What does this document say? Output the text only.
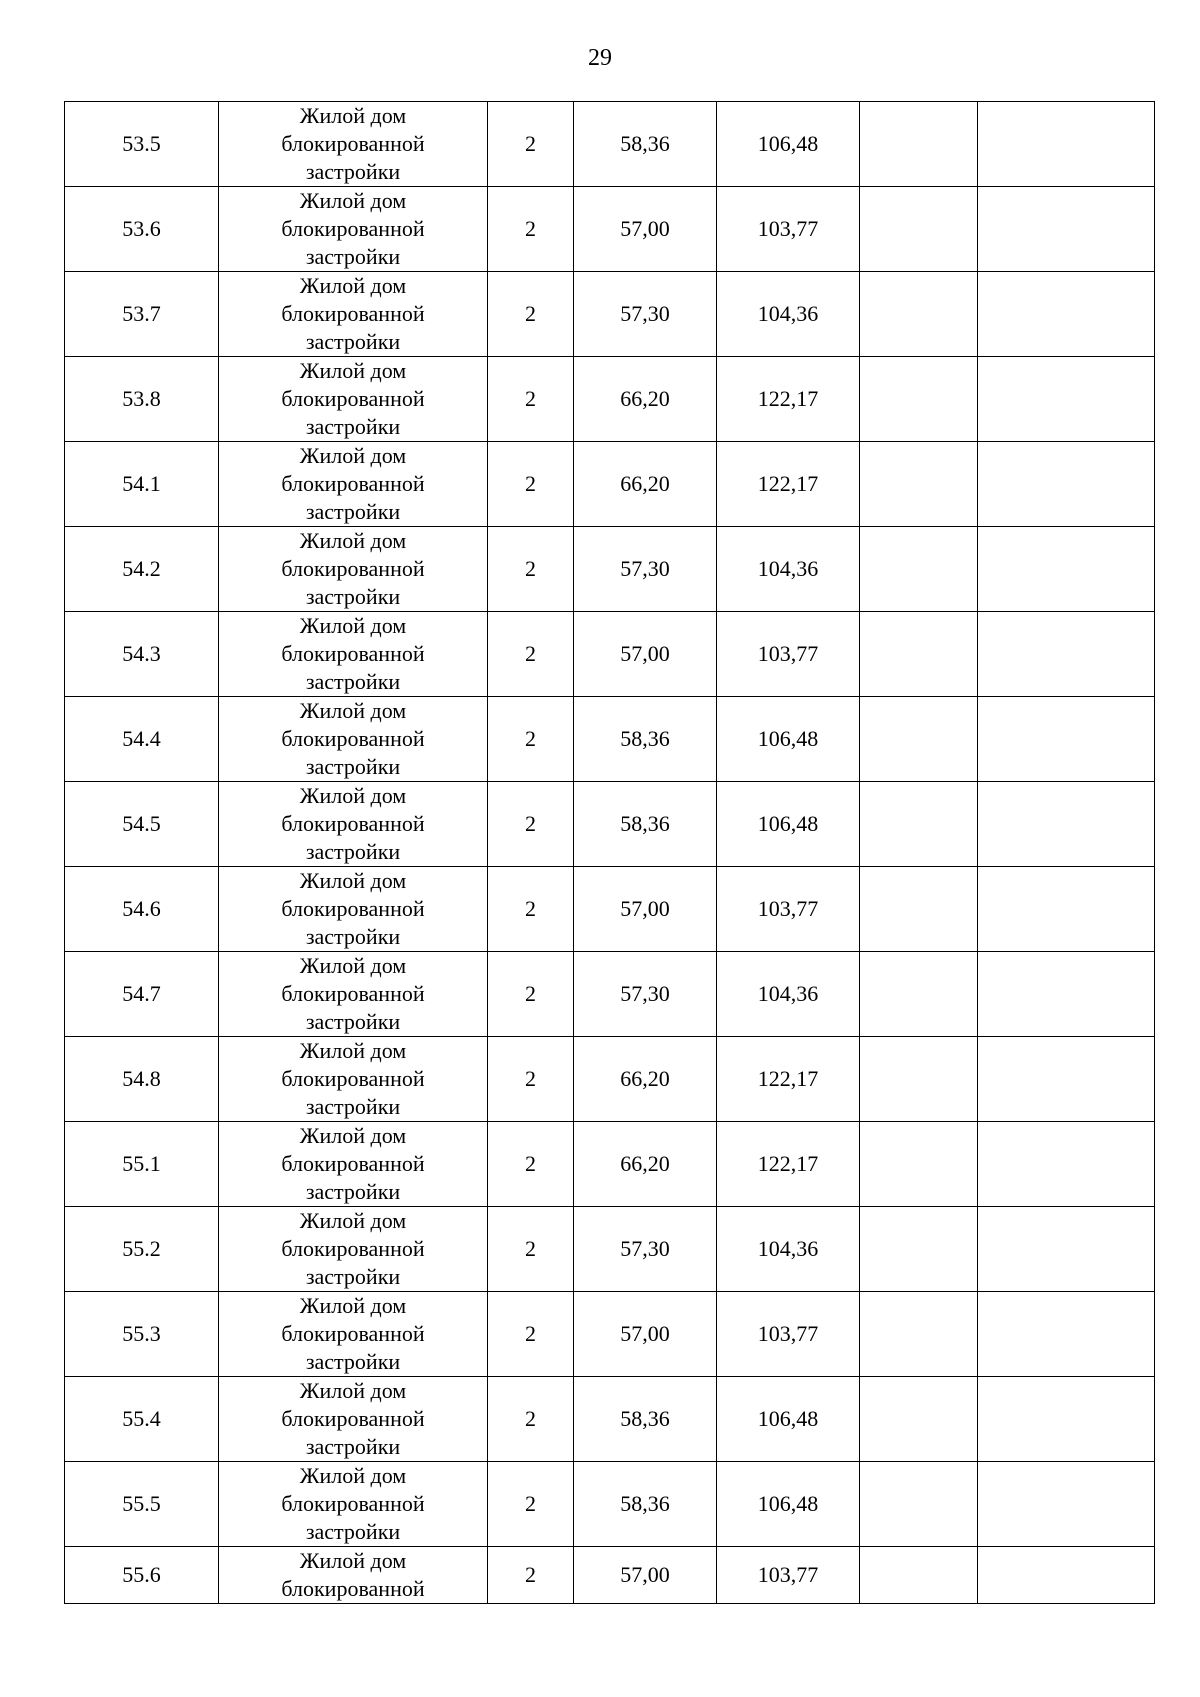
29
53.5	Жилой дом
блокированной
застройки	2	58,36	106,48		
53.6	Жилой дом
блокированной
застройки	2	57,00	103,77		
53.7	Жилой дом
блокированной
застройки	2	57,30	104,36		
53.8	Жилой дом
блокированной
застройки	2	66,20	122,17		
54.1	Жилой дом
блокированной
застройки	2	66,20	122,17		
54.2	Жилой дом
блокированной
застройки	2	57,30	104,36		
54.3	Жилой дом
блокированной
застройки	2	57,00	103,77		
54.4	Жилой дом
блокированной
застройки	2	58,36	106,48		
54.5	Жилой дом
блокированной
застройки	2	58,36	106,48		
54.6	Жилой дом
блокированной
застройки	2	57,00	103,77		
54.7	Жилой дом
блокированной
застройки	2	57,30	104,36		
54.8	Жилой дом
блокированной
застройки	2	66,20	122,17		
55.1	Жилой дом
блокированной
застройки	2	66,20	122,17		
55.2	Жилой дом
блокированной
застройки	2	57,30	104,36		
55.3	Жилой дом
блокированной
застройки	2	57,00	103,77		
55.4	Жилой дом
блокированной
застройки	2	58,36	106,48		
55.5	Жилой дом
блокированной
застройки	2	58,36	106,48		
55.6	Жилой дом
блокированной	2	57,00	103,77		
